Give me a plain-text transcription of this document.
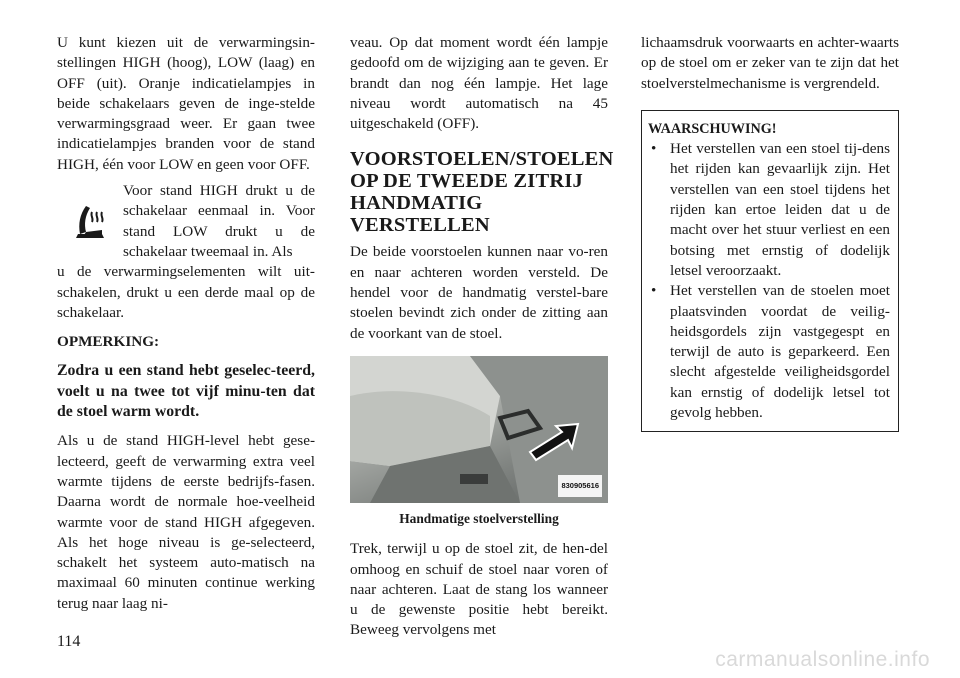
U kunt kiezen uit de verwarmingsin-stellingen HIGH (hoog), LOW (laag) en OFF (uit). Oranje indicatielampjes in beide schakelaars geven de inge-stelde verwarmingsgraad weer. Er gaan twee indicatielampjes branden voor de stand HIGH, één voor LOW en geen voor OFF.

Voor stand HIGH drukt u de schakelaar eenmaal in. Voor stand LOW drukt u de schakelaar tweemaal in. Als

u de verwarmingselementen wilt uit-schakelen, drukt u een derde maal op de schakelaar.

OPMERKING:

Zodra u een stand hebt geselec-teerd, voelt u na twee tot vijf minu-ten dat de stoel warm wordt.

Als u de stand HIGH-level hebt gese-lecteerd, geeft de verwarming extra veel warmte tijdens de eerste bedrijfs-fasen. Daarna wordt de normale hoe-veelheid warmte voor de stand HIGH afgegeven. Als het hoge niveau is ge-selecteerd, schakelt het systeem auto-matisch na maximaal 60 minuten continue werking terug naar laag ni-

veau. Op dat moment wordt één lampje gedoofd om de wijziging aan te geven. Er brandt dan nog één lampje. Het lage niveau wordt automatisch na 45 uitgeschakeld (OFF).

VOORSTOELEN/STOELEN OP DE TWEEDE ZITRIJ HANDMATIG VERSTELLEN

De beide voorstoelen kunnen naar vo-ren en naar achteren worden versteld. De hendel voor de handmatig verstel-bare stoelen bevindt zich onder de zitting aan de voorkant van de stoel.

830905616

Handmatige stoelverstelling

Trek, terwijl u op de stoel zit, de hen-del omhoog en schuif de stoel naar voren of naar achteren. Laat de stang los wanneer u de gewenste positie hebt bereikt. Beweeg vervolgens met

lichaamsdruk voorwaarts en achter-waarts op de stoel om er zeker van te zijn dat het stoelverstelmechanisme is vergrendeld.

WAARSCHUWING!
• Het verstellen van een stoel tij-dens het rijden kan gevaarlijk zijn. Het verstellen van een stoel tijdens het rijden kan ertoe leiden dat u de macht over het stuur verliest en een botsing met ernstig of dodelijk letsel veroorzaakt.
• Het verstellen van de stoelen moet plaatsvinden voordat de veilig-heidsgordels zijn vastgegespt en terwijl de auto is geparkeerd. Een slecht afgestelde veiligheidsgordel kan ernstig of dodelijk letsel tot gevolg hebben.
114
carmanualsonline.info
